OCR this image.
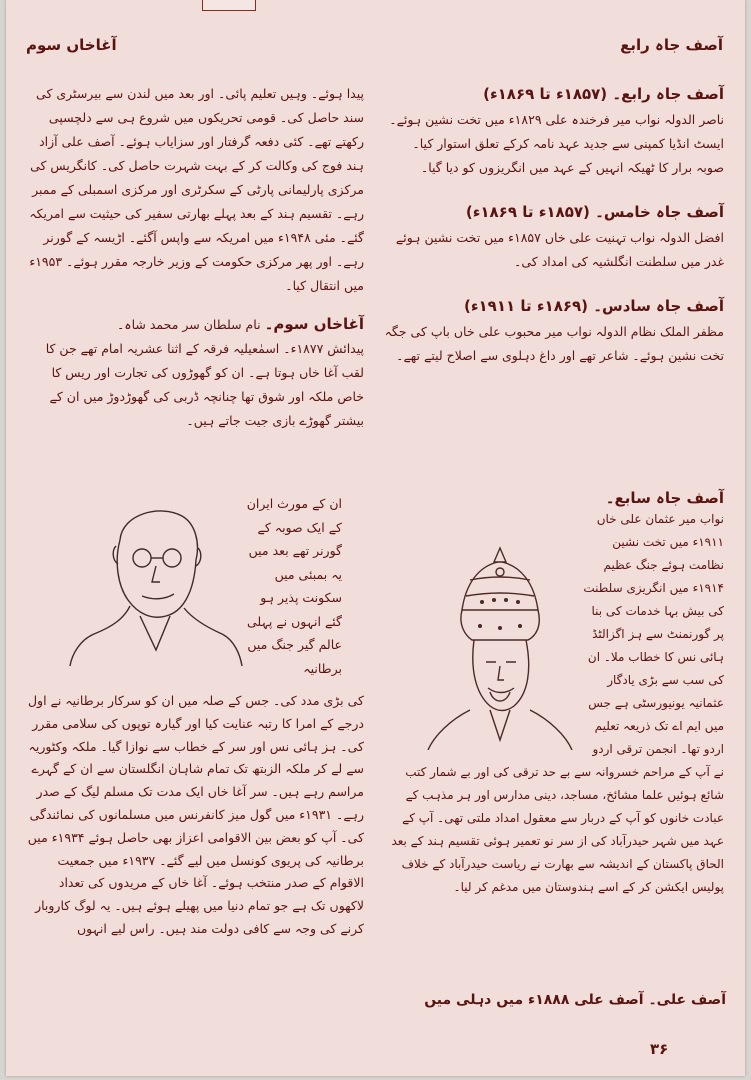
آغاخاں سوم	آصف جاہ رابع

آصف جاہ رابع۔ (۱۸۵۷ء تا ۱۸۶۹ء)
ناصر الدولہ نواب میر فرخندہ علی ۱۸۲۹ء میں تخت نشین ہوئے۔ ایسٹ انڈیا کمپنی سے جدید عہد نامہ کرکے تعلق استوار کیا۔ صوبہ برار کا ٹھیکہ انہیں کے عہد میں انگریزوں کو دیا گیا۔

آصف جاہ خامس۔ (۱۸۵۷ء تا ۱۸۶۹ء)
افضل الدولہ نواب تہنیت علی خاں ۱۸۵۷ء میں تخت نشین ہوئے غدر میں سلطنت انگلشیہ کی امداد کی۔

آصف جاہ سادس۔ (۱۸۶۹ء تا ۱۹۱۱ء)
مظفر الملک نظام الدولہ نواب میر محبوب علی خاں باپ کی جگہ تخت نشین ہوئے۔ شاعر تھے اور داغ دہلوی سے اصلاح لیتے تھے۔

آصف جاہ سابع۔
نواب میر عثمان علی خاں ۱۹۱۱ء میں تخت نشین نظامت ہوئے جنگ عظیم ۱۹۱۴ء میں انگریزی سلطنت کی بیش بہا خدمات کی بنا پر گورنمنٹ سے ہز اگزالٹڈ ہائی نس کا خطاب ملا۔ ان کی سب سے بڑی یادگار عثمانیہ یونیورسٹی ہے جس میں ایم اے تک ذریعہ تعلیم اردو تھا۔ انجمن ترقی اردو نے آپ کے مراحم خسروانہ سے بے حد ترقی کی اور بے شمار کتب شائع ہوئیں علما مشائخ، مساجد، دینی مدارس اور ہر مذہب کے عبادت خانوں کو آپ کے دربار سے معقول امداد ملتی تھی۔ آپ کے عہد میں شہر حیدرآباد کی از سر نو تعمیر ہوئی تقسیم ہند کے بعد الحاق پاکستان کے اندیشہ سے بھارت نے ریاست حیدرآباد کے خلاف پولیس ایکشن کر کے اسے ہندوستان میں مدغم کر لیا۔
آصف علی۔ آصف علی ۱۸۸۸ء میں دہلی میں

پیدا ہوئے۔ وہیں تعلیم پائی۔ اور بعد میں لندن سے بیرسٹری کی سند حاصل کی۔ قومی تحریکوں میں شروع ہی سے دلچسپی رکھتے تھے۔ کئی دفعہ گرفتار اور سزایاب ہوئے۔ آصف علی آزاد ہند فوج کی وکالت کر کے بہت شہرت حاصل کی۔ کانگریس کی مرکزی پارلیمانی پارٹی کے سکرٹری اور مرکزی اسمبلی کے ممبر رہے۔ تقسیم ہند کے بعد پہلے بھارتی سفیر کی حیثیت سے امریکہ گئے۔ مئی ۱۹۴۸ء میں امریکہ سے واپس آگئے۔ اڑیسہ کے گورنر رہے۔ اور پھر مرکزی حکومت کے وزیر خارجہ مقرر ہوئے۔ ۱۹۵۳ء میں انتقال کیا۔

آغاخاں سوم۔ نام سلطان سر محمد شاہ۔
پیدائش ۱۸۷۷ء۔ اسمٰعیلیہ فرقہ کے اثنا عشریہ امام تھے جن کا لقب آغا خاں ہوتا ہے۔ ان کو گھوڑوں کی تجارت اور ریس کا خاص ملکہ اور شوق تھا چنانچہ ڈربی کی گھوڑدوڑ میں ان کے بیشتر گھوڑے بازی جیت جاتے ہیں۔

ان کے مورث ایران کے ایک صوبہ کے گورنر تھے بعد میں یہ بمبئی میں سکونت پذیر ہو گئے انہوں نے پہلی عالم گیر جنگ میں برطانیہ
کی بڑی مدد کی۔ جس کے صلہ میں ان کو سرکار برطانیہ نے اول درجے کے امرا کا رتبہ عنایت کیا اور گیارہ توپوں کی سلامی مقرر کی۔ ہز ہائی نس اور سر کے خطاب سے نوازا گیا۔ ملکہ وکٹوریہ سے لے کر ملکہ الزبتھ تک تمام شاہان انگلستان سے ان کے گہرے مراسم رہے ہیں۔ سر آغا خاں ایک مدت تک مسلم لیگ کے صدر رہے۔ ۱۹۳۱ء میں گول میز کانفرنس میں مسلمانوں کی نمائندگی کی۔ آپ کو بعض بین الاقوامی اعزاز بھی حاصل ہوئے ۱۹۳۴ء میں برطانیہ کی پریوی کونسل میں لیے گئے۔ ۱۹۳۷ء میں جمعیت الاقوام کے صدر منتخب ہوئے۔ آغا خاں کے مریدوں کی تعداد لاکھوں تک ہے جو تمام دنیا میں پھیلے ہوئے ہیں۔ یہ لوگ کاروبار کرنے کی وجہ سے کافی دولت مند ہیں۔ راس لیے انہوں
۳۶
